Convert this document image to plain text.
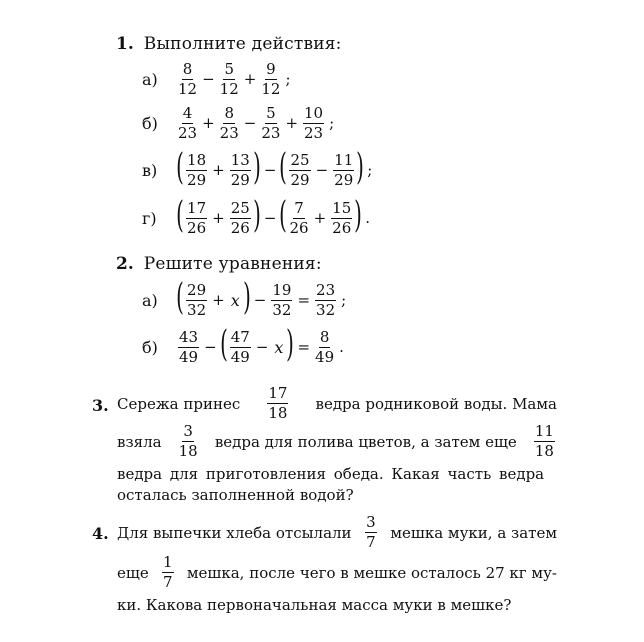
1. Выполните действия:
а)	$\frac{8}{12} - \frac{5}{12} + \frac{9}{12}$ ;
б)	$\frac{4}{23} + \frac{8}{23} - \frac{5}{23} + \frac{10}{23}$ ;
в) ( $\frac{18}{29} + \frac{13}{29}$ ) − ( $\frac{25}{29} - \frac{11}{29}$ ) ;
г) ( $\frac{17}{26} + \frac{25}{26}$ ) − ( $\frac{7}{26} + \frac{15}{26}$ ) .
2. Решите уравнения:
а) ( $\frac{29}{32} + x$ ) − $\frac{19}{32} = \frac{23}{32}$ ;
б)	$\frac{43}{49}$ − ( $\frac{47}{49} - x$ ) = $\frac{8}{49}$ .
3. Сережа принес $\frac{17}{18}$ ведра родниковой воды. Мама
взяла $\frac{3}{18}$ ведра для полива цветов, а затем еще $\frac{11}{18}$
ведра для приготовления обеда. Какая часть ведра
осталась заполненной водой?
4. Для выпечки хлеба отсылали $\frac{3}{7}$ мешка муки, а затем
еще $\frac{1}{7}$ мешка, после чего в мешке осталось 27 кг му-
ки. Какова первоначальная масса муки в мешке?
